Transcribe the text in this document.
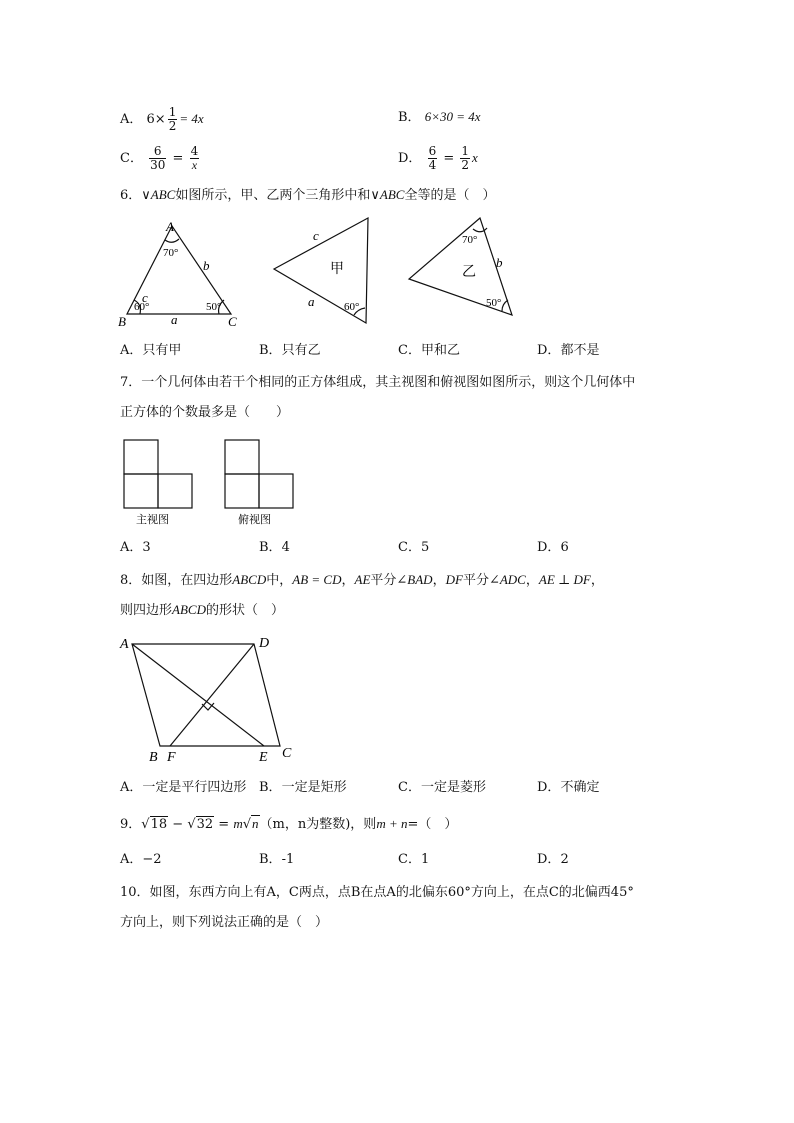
A． $6\times \frac{1}{2} = 4x$	B． 6×30 = 4x
C． $\frac{6}{30} = \frac{4}{x}$	D． $\frac{6}{4} = \frac{1}{2}$ x
6．∨ABC如图所示，甲、乙两个三角形中和∨ABC全等的是（　）
A
B	C
a
b
c
70°
60°	50°
c
a
甲
60°
b
乙
70°
50°
A．只有甲	B．只有乙	C．甲和乙	D．都不是
7．一个几何体由若干个相同的正方体组成，其主视图和俯视图如图所示，则这个几何体中
正方体的个数最多是（　　）
主视图	俯视图
A．3	B．4	C．5	D．6
8．如图，在四边形ABCD中，AB = CD，AE平分∠BAD，DF平分∠ADC，AE ⊥ DF，
则四边形ABCD的形状（　）
A	D
B F	E C
A．一定是平行四边形 B．一定是矩形	C．一定是菱形	D．不确定
9．√18 − √32 = m√n（m，n为整数)，则m + n=（　）
A．−2	B．-1	C．1	D．2
10．如图，东西方向上有A，C两点，点B在点A的北偏东60°方向上，在点C的北偏西45°
方向上，则下列说法正确的是（　）
